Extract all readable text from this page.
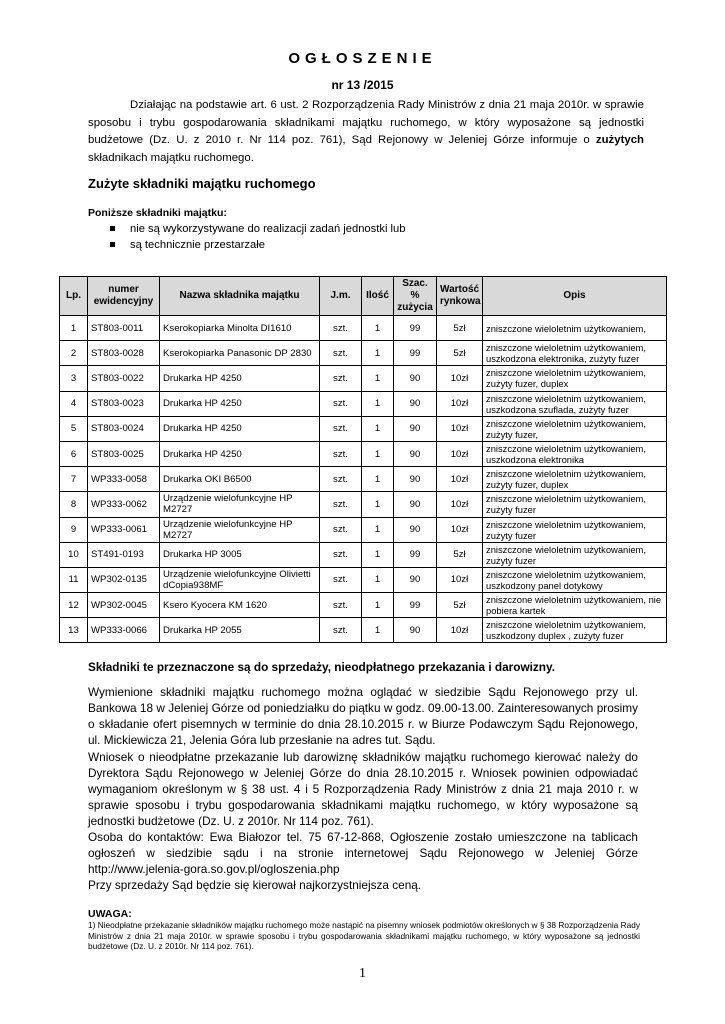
OGŁOSZENIE
nr 13 /2015
Działając na podstawie art. 6 ust. 2 Rozporządzenia Rady Ministrów z dnia 21 maja 2010r. w sprawie sposobu i trybu gospodarowania składnikami majątku ruchomego, w który wyposażone są jednostki budżetowe (Dz. U. z 2010 r. Nr 114 poz. 761), Sąd Rejonowy w Jeleniej Górze informuje o zużytych składnikach majątku ruchomego.
Zużyte składniki majątku ruchomego
Poniższe składniki majątku:
nie są wykorzystywane do realizacji zadań jednostki lub
są technicznie przestarzałe
Lp.	numer ewidencyjny	Nazwa składnika majątku	J.m.	Ilość	Szac. % zużycia	Wartość rynkowa	Opis
1	ST803-0011	Kserokopiarka Minolta DI1610	szt.	1	99	5zł	zniszczone wieloletnim użytkowaniem,
2	ST803-0028	Kserokopiarka Panasonic DP 2830	szt.	1	99	5zł	zniszczone wieloletnim użytkowaniem, uszkodzona elektronika, zużyty fuzer
3	ST803-0022	Drukarka HP 4250	szt.	1	90	10zł	zniszczone wieloletnim użytkowaniem, zużyty fuzer, duplex
4	ST803-0023	Drukarka HP 4250	szt.	1	90	10zł	zniszczone wieloletnim użytkowaniem, uszkodzona szuflada, zużyty fuzer
5	ST803-0024	Drukarka HP 4250	szt.	1	90	10zł	zniszczone wieloletnim użytkowaniem, zużyty fuzer,
6	ST803-0025	Drukarka HP 4250	szt.	1	90	10zł	zniszczone wieloletnim użytkowaniem, uszkodzona elektronika
7	WP333-0058	Drukarka OKI B6500	szt.	1	90	10zł	zniszczone wieloletnim użytkowaniem, zużyty fuzer, duplex
8	WP333-0062	Urządzenie wielofunkcyjne HP M2727	szt.	1	90	10zł	zniszczone wieloletnim użytkowaniem, zużyty fuzer
9	WP333-0061	Urządzenie wielofunkcyjne HP M2727	szt.	1	90	10zł	zniszczone wieloletnim użytkowaniem, zużyty fuzer
10	ST491-0193	Drukarka HP 3005	szt.	1	99	5zł	zniszczone wieloletnim użytkowaniem, zużyty fuzer
11	WP302-0135	Urządzenie wielofunkcyjne Olivietti dCopia938MF	szt.	1	90	10zł	zniszczone wieloletnim użytkowaniem, uszkodzony panel dotykowy
12	WP302-0045	Ksero Kyocera KM 1620	szt.	1	99	5zł	zniszczone wieloletnim użytkowaniem, nie pobiera kartek
13	WP333-0066	Drukarka HP 2055	szt.	1	90	10zł	zniszczone wieloletnim użytkowaniem, uszkodzony duplex , zużyty fuzer
Składniki te przeznaczone są do sprzedaży, nieodpłatnego przekazania i darowizny.
Wymienione składniki majątku ruchomego można oglądać w siedzibie Sądu Rejonowego przy ul. Bankowa 18 w Jeleniej Górze od poniedziałku do piątku w godz. 09.00-13.00. Zainteresowanych prosimy o składanie ofert pisemnych w terminie do dnia 28.10.2015 r. w Biurze Podawczym Sądu Rejonowego, ul. Mickiewicza 21, Jelenia Góra lub przesłanie na adres tut. Sądu.
Wniosek o nieodpłatne przekazanie lub darowiznę składników majątku ruchomego kierować należy do Dyrektora Sądu Rejonowego w Jeleniej Górze do dnia 28.10.2015 r. Wniosek powinien odpowiadać wymaganiom określonym w § 38 ust. 4 i 5 Rozporządzenia Rady Ministrów z dnia 21 maja 2010 r. w sprawie sposobu i trybu gospodarowania składnikami majątku ruchomego, w który wyposażone są jednostki budżetowe (Dz. U. z 2010r. Nr 114 poz. 761).
Osoba do kontaktów: Ewa Białozor tel. 75 67-12-868, Ogłoszenie zostało umieszczone na tablicach ogłoszeń w siedzibie sądu i na stronie internetowej Sądu Rejonowego w Jeleniej Górze http://www.jelenia-gora.so.gov.pl/ogloszenia.php
Przy sprzedaży Sąd będzie się kierował najkorzystniejsza ceną.
UWAGA:
1) Nieodpłatne przekazanie składników majątku ruchomego może nastąpić na pisemny wniosek podmiotów określonych w § 38 Rozporządzenia Rady Ministrów z dnia 21 maja 2010r. w sprawie sposobu i trybu gospodarowania składnikami majątku ruchomego, w który wyposażone są jednostki budżetowe (Dz. U. z 2010r. Nr 114 poz. 761).
1
